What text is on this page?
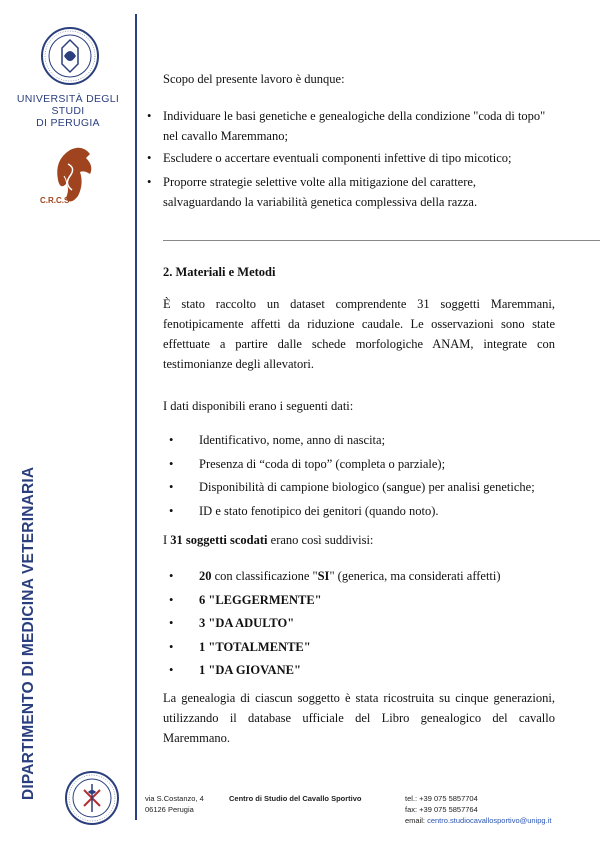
UNIVERSITÀ DEGLI STUDI
DI PERUGIA
C.R.C.S
DIPARTIMENTO DI MEDICINA VETERINARIA
Scopo del presente lavoro è dunque:
• Individuare le basi genetiche e genealogiche della condizione "coda di topo" nel cavallo Maremmano;
• Escludere o accertare eventuali componenti infettive di tipo micotico;
• Proporre strategie selettive volte alla mitigazione del carattere, salvaguardando la variabilità genetica complessiva della razza.
2. Materiali e Metodi
È stato raccolto un dataset comprendente 31 soggetti Maremmani, fenotipicamente affetti da riduzione caudale. Le osservazioni sono state effettuate a partire dalle schede morfologiche ANAM, integrate con testimonianze degli allevatori.
I dati disponibili erano i seguenti dati:
• Identificativo, nome, anno di nascita;
• Presenza di “coda di topo” (completa o parziale);
• Disponibilità di campione biologico (sangue) per analisi genetiche;
• ID e stato fenotipico dei genitori (quando noto).
I 31 soggetti scodati erano così suddivisi:
• 20 con classificazione "SI" (generica, ma considerati affetti)
• 6 "LEGGERMENTE"
• 3 "DA ADULTO"
• 1 "TOTALMENTE"
• 1 "DA GIOVANE"
La genealogia di ciascun soggetto è stata ricostruita su cinque generazioni, utilizzando il database ufficiale del Libro genealogico del cavallo Maremmano.
via S.Costanzo, 4
06126 Perugia
Centro di Studio del Cavallo Sportivo	tel.: +39 075 5857704
fax: +39 075 5857764
email: centro.studiocavallosportivo@unipg.it
